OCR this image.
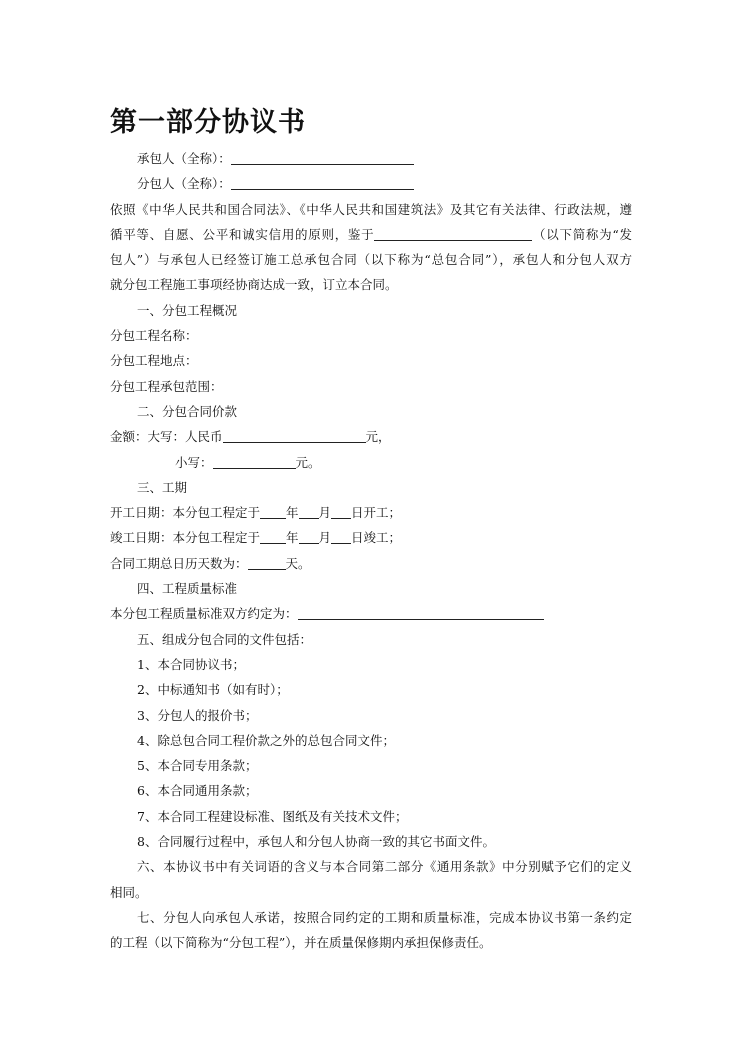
第一部分协议书
承包人（全称）：
分包人（全称）：
依照《中华人民共和国合同法》、《中华人民共和国建筑法》及其它有关法律、行政法规，遵
循平等、自愿、公平和诚实信用的原则，鉴于	（以下简称为“发
包人”）与承包人已经签订施工总承包合同（以下称为“总包合同”），承包人和分包人双方
就分包工程施工事项经协商达成一致，订立本合同。
一、分包工程概况
分包工程名称：
分包工程地点：
分包工程承包范围：
二、分包合同价款
金额：大写：人民币	元，
小写：	元。
三、工期
开工日期：本分包工程定于 年 月 日开工；
竣工日期：本分包工程定于 年 月 日竣工；
合同工期总日历天数为：	天。
四、工程质量标准
本分包工程质量标准双方约定为：
五、组成分包合同的文件包括：
1、本合同协议书；
2、中标通知书（如有时）；
3、分包人的报价书；
4、除总包合同工程价款之外的总包合同文件；
5、本合同专用条款；
6、本合同通用条款；
7、本合同工程建设标准、图纸及有关技术文件；
8、合同履行过程中，承包人和分包人协商一致的其它书面文件。
六、本协议书中有关词语的含义与本合同第二部分《通用条款》中分别赋予它们的定义
相同。
七、分包人向承包人承诺，按照合同约定的工期和质量标准，完成本协议书第一条约定
的工程（以下简称为“分包工程”），并在质量保修期内承担保修责任。
